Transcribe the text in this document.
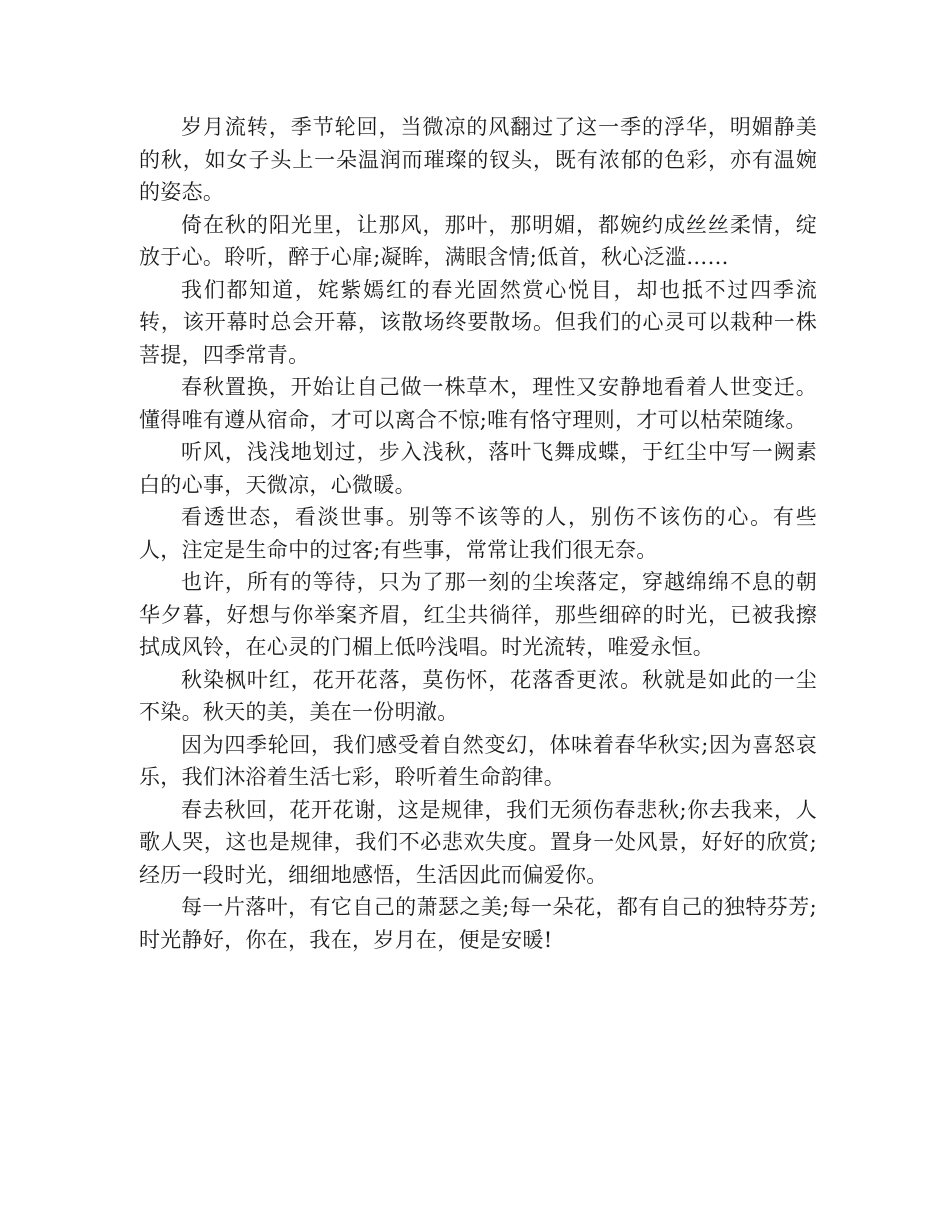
岁月流转，季节轮回，当微凉的风翻过了这一季的浮华，明媚静美的秋，如女子头上一朵温润而璀璨的钗头，既有浓郁的色彩，亦有温婉的姿态。

倚在秋的阳光里，让那风，那叶，那明媚，都婉约成丝丝柔情，绽放于心。聆听，醉于心扉;凝眸，满眼含情;低首，秋心泛滥……

我们都知道，姹紫嫣红的春光固然赏心悦目，却也抵不过四季流转，该开幕时总会开幕，该散场终要散场。但我们的心灵可以栽种一株菩提，四季常青。

春秋置换，开始让自己做一株草木，理性又安静地看着人世变迁。懂得唯有遵从宿命，才可以离合不惊;唯有恪守理则，才可以枯荣随缘。

听风，浅浅地划过，步入浅秋，落叶飞舞成蝶，于红尘中写一阙素白的心事，天微凉，心微暖。

看透世态，看淡世事。别等不该等的人，别伤不该伤的心。有些人，注定是生命中的过客;有些事，常常让我们很无奈。

也许，所有的等待，只为了那一刻的尘埃落定，穿越绵绵不息的朝华夕暮，好想与你举案齐眉，红尘共徜徉，那些细碎的时光，已被我擦拭成风铃，在心灵的门楣上低吟浅唱。时光流转，唯爱永恒。

秋染枫叶红，花开花落，莫伤怀，花落香更浓。秋就是如此的一尘不染。秋天的美，美在一份明澈。

因为四季轮回，我们感受着自然变幻，体味着春华秋实;因为喜怒哀乐，我们沐浴着生活七彩，聆听着生命韵律。

春去秋回，花开花谢，这是规律，我们无须伤春悲秋;你去我来，人歌人哭，这也是规律，我们不必悲欢失度。置身一处风景，好好的欣赏;经历一段时光，细细地感悟，生活因此而偏爱你。

每一片落叶，有它自己的萧瑟之美;每一朵花，都有自己的独特芬芳;时光静好，你在，我在，岁月在，便是安暖!
